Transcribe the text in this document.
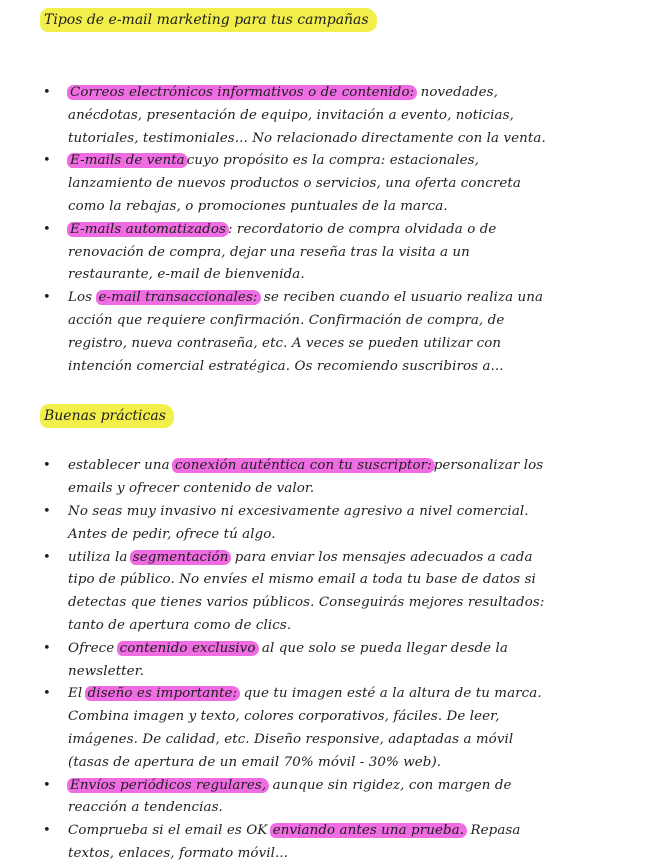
Tipos de e-mail marketing para tus campañas
• Correos electrónicos informativos o de contenido: novedades,
anécdotas, presentación de equipo, invitación a evento, noticias,
tutoriales, testimoniales... No relacionado directamente con la venta.
• E-mails de venta cuyo propósito es la compra: estacionales,
lanzamiento de nuevos productos o servicios, una oferta concreta
como la rebajas, o promociones puntuales de la marca.
• E-mails automatizados : recordatorio de compra olvidada o de
renovación de compra, dejar una reseña tras la visita a un
restaurante, e-mail de bienvenida.
• Los e-mail transaccionales: se reciben cuando el usuario realiza una
acción que requiere confirmación. Confirmación de compra, de
registro, nueva contraseña, etc. A veces se pueden utilizar con
intención comercial estratégica. Os recomiendo suscribiros a...
Buenas prácticas
• establecer una conexión auténtica con tu suscriptor: personalizar los
emails y ofrecer contenido de valor.
• No seas muy invasivo ni excesivamente agresivo a nivel comercial.
Antes de pedir, ofrece tú algo.
• utiliza la segmentación para enviar los mensajes adecuados a cada
tipo de público. No envíes el mismo email a toda tu base de datos si
detectas que tienes varios públicos. Conseguirás mejores resultados:
tanto de apertura como de clics.
• Ofrece contenido exclusivo al que solo se pueda llegar desde la
newsletter.
• El diseño es importante: que tu imagen esté a la altura de tu marca.
Combina imagen y texto, colores corporativos, fáciles. De leer,
imágenes. De calidad, etc. Diseño responsive, adaptadas a móvil
(tasas de apertura de un email 70% móvil - 30% web).
• Envíos periódicos regulares, aunque sin rigidez, con margen de
reacción a tendencias.
• Comprueba si el email es OK enviando antes una prueba. Repasa
textos, enlaces, formato móvil...
